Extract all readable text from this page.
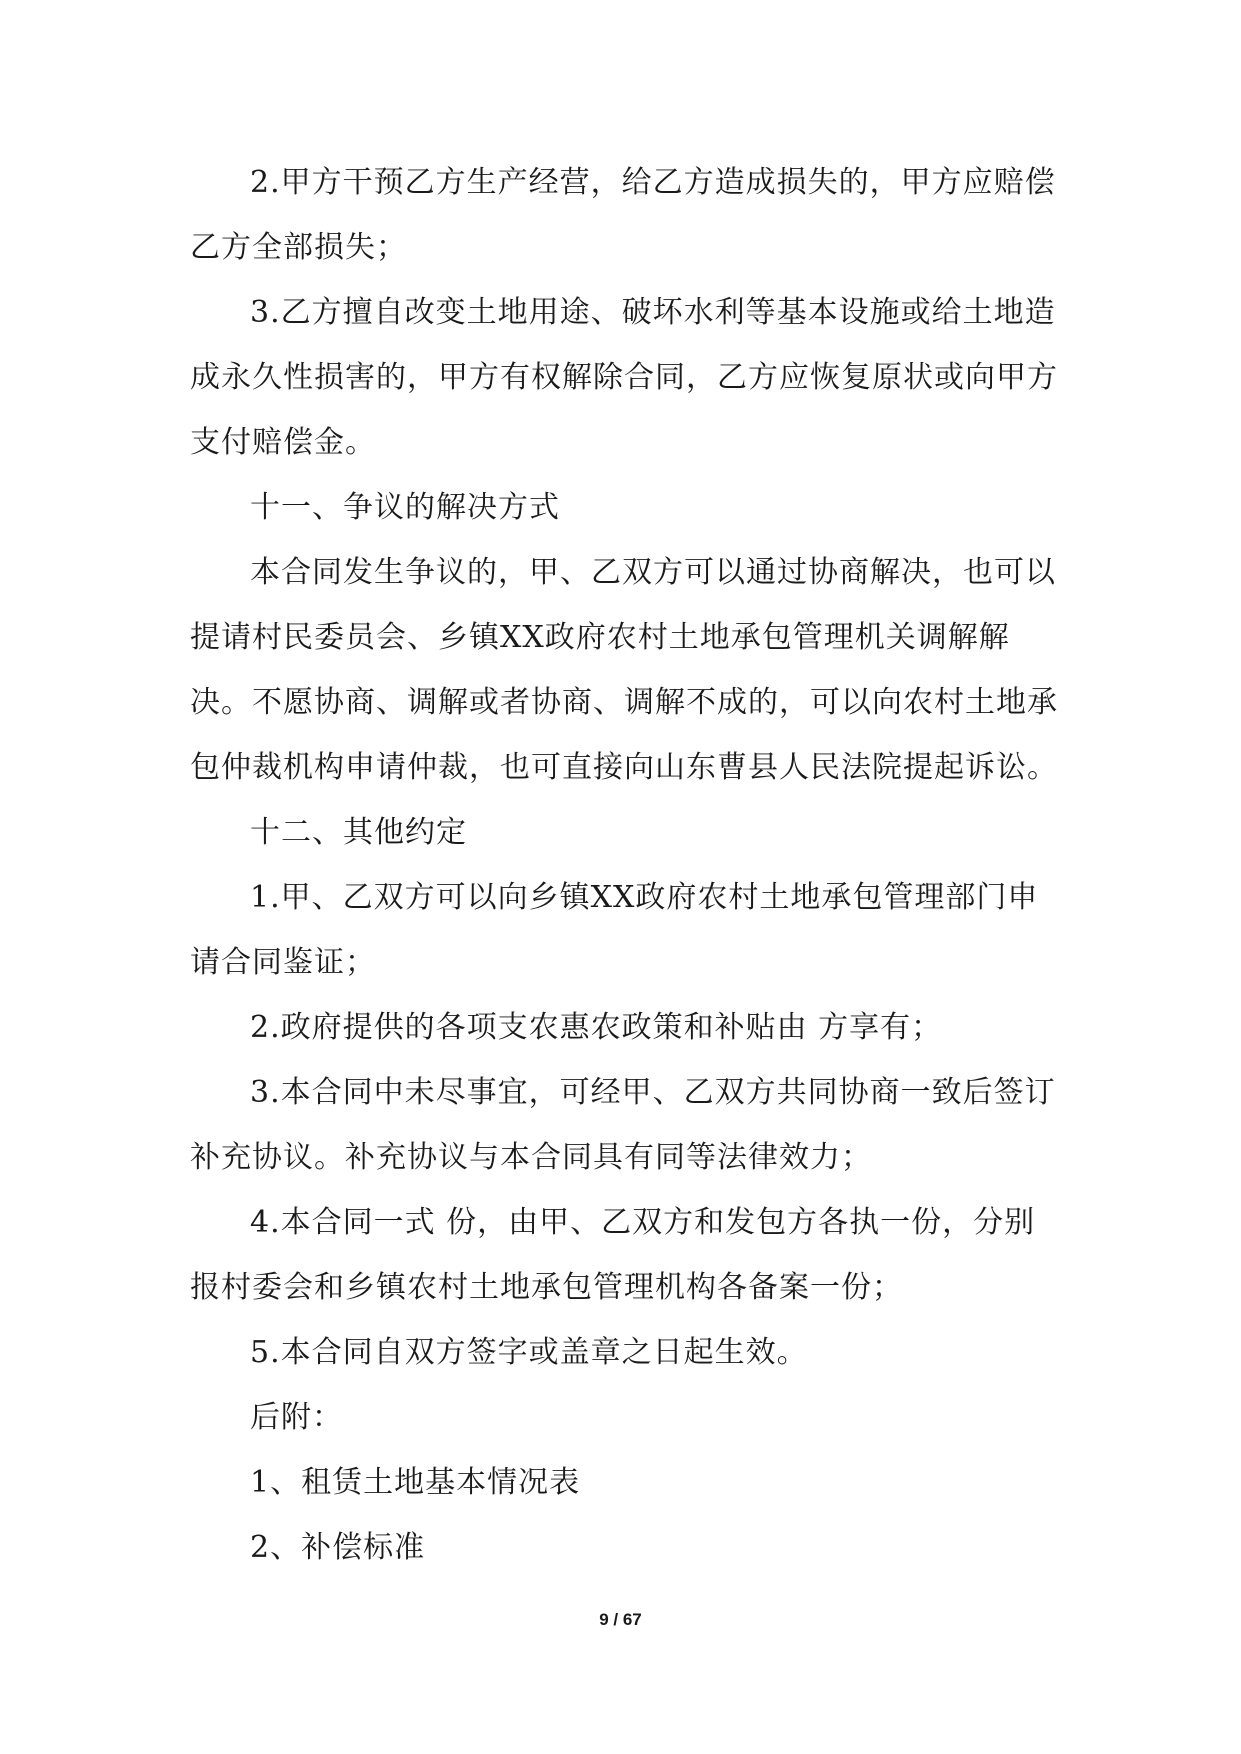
2.甲方干预乙方生产经营，给乙方造成损失的，甲方应赔偿乙方全部损失；

3.乙方擅自改变土地用途、破坏水利等基本设施或给土地造成永久性损害的，甲方有权解除合同，乙方应恢复原状或向甲方支付赔偿金。

十一、争议的解决方式

本合同发生争议的，甲、乙双方可以通过协商解决，也可以提请村民委员会、乡镇XX政府农村土地承包管理机关调解解决。不愿协商、调解或者协商、调解不成的，可以向农村土地承包仲裁机构申请仲裁，也可直接向山东曹县人民法院提起诉讼。

十二、其他约定

1.甲、乙双方可以向乡镇XX政府农村土地承包管理部门申请合同鉴证；

2.政府提供的各项支农惠农政策和补贴由 方享有；

3.本合同中未尽事宜，可经甲、乙双方共同协商一致后签订补充协议。补充协议与本合同具有同等法律效力；

4.本合同一式 份，由甲、乙双方和发包方各执一份，分别报村委会和乡镇农村土地承包管理机构各备案一份；

5.本合同自双方签字或盖章之日起生效。

后附：

1、租赁土地基本情况表

2、补偿标准

9 / 67
